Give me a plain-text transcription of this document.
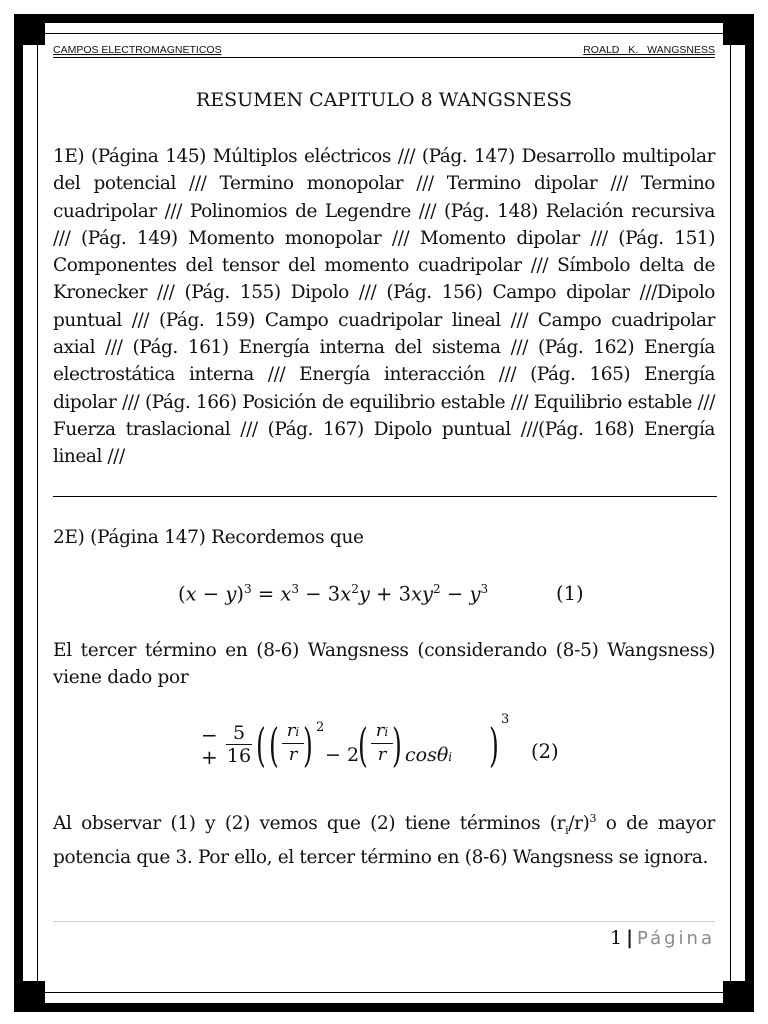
CAMPOS ELECTROMAGNETICOS	ROALD K. WANGSNESS
RESUMEN CAPITULO 8 WANGSNESS
1E) (Página 145) Múltiplos eléctricos /// (Pág. 147) Desarrollo multipolar del potencial /// Termino monopolar /// Termino dipolar /// Termino cuadripolar /// Polinomios de Legendre /// (Pág. 148) Relación recursiva /// (Pág. 149) Momento monopolar /// Momento dipolar /// (Pág. 151) Componentes del tensor del momento cuadripolar /// Símbolo delta de Kronecker /// (Pág. 155) Dipolo /// (Pág. 156) Campo dipolar ///Dipolo puntual /// (Pág. 159) Campo cuadripolar lineal /// Campo cuadripolar axial /// (Pág. 161) Energía interna del sistema /// (Pág. 162) Energía electrostática interna /// Energía interacción /// (Pág. 165) Energía dipolar /// (Pág. 166) Posición de equilibrio estable /// Equilibrio estable /// Fuerza traslacional /// (Pág. 167) Dipolo puntual ///(Pág. 168) Energía lineal ///
2E) (Página 147) Recordemos que
$(x - y)^3 = x^3 - 3x^2y + 3xy^2 - y^3$	(1)
El tercer término en (8-6) Wangsness (considerando (8-5) Wangsness) viene dado por
−
+
5
16 ( ( ri
r ) 2
− 2
( ri
r ) cosθi ) 3
(2)
Al observar (1) y (2) vemos que (2) tiene términos $(r_i/r)^3$ o de mayor potencia que 3. Por ello, el tercer término en (8-6) Wangsness se ignora.
1 | Página
